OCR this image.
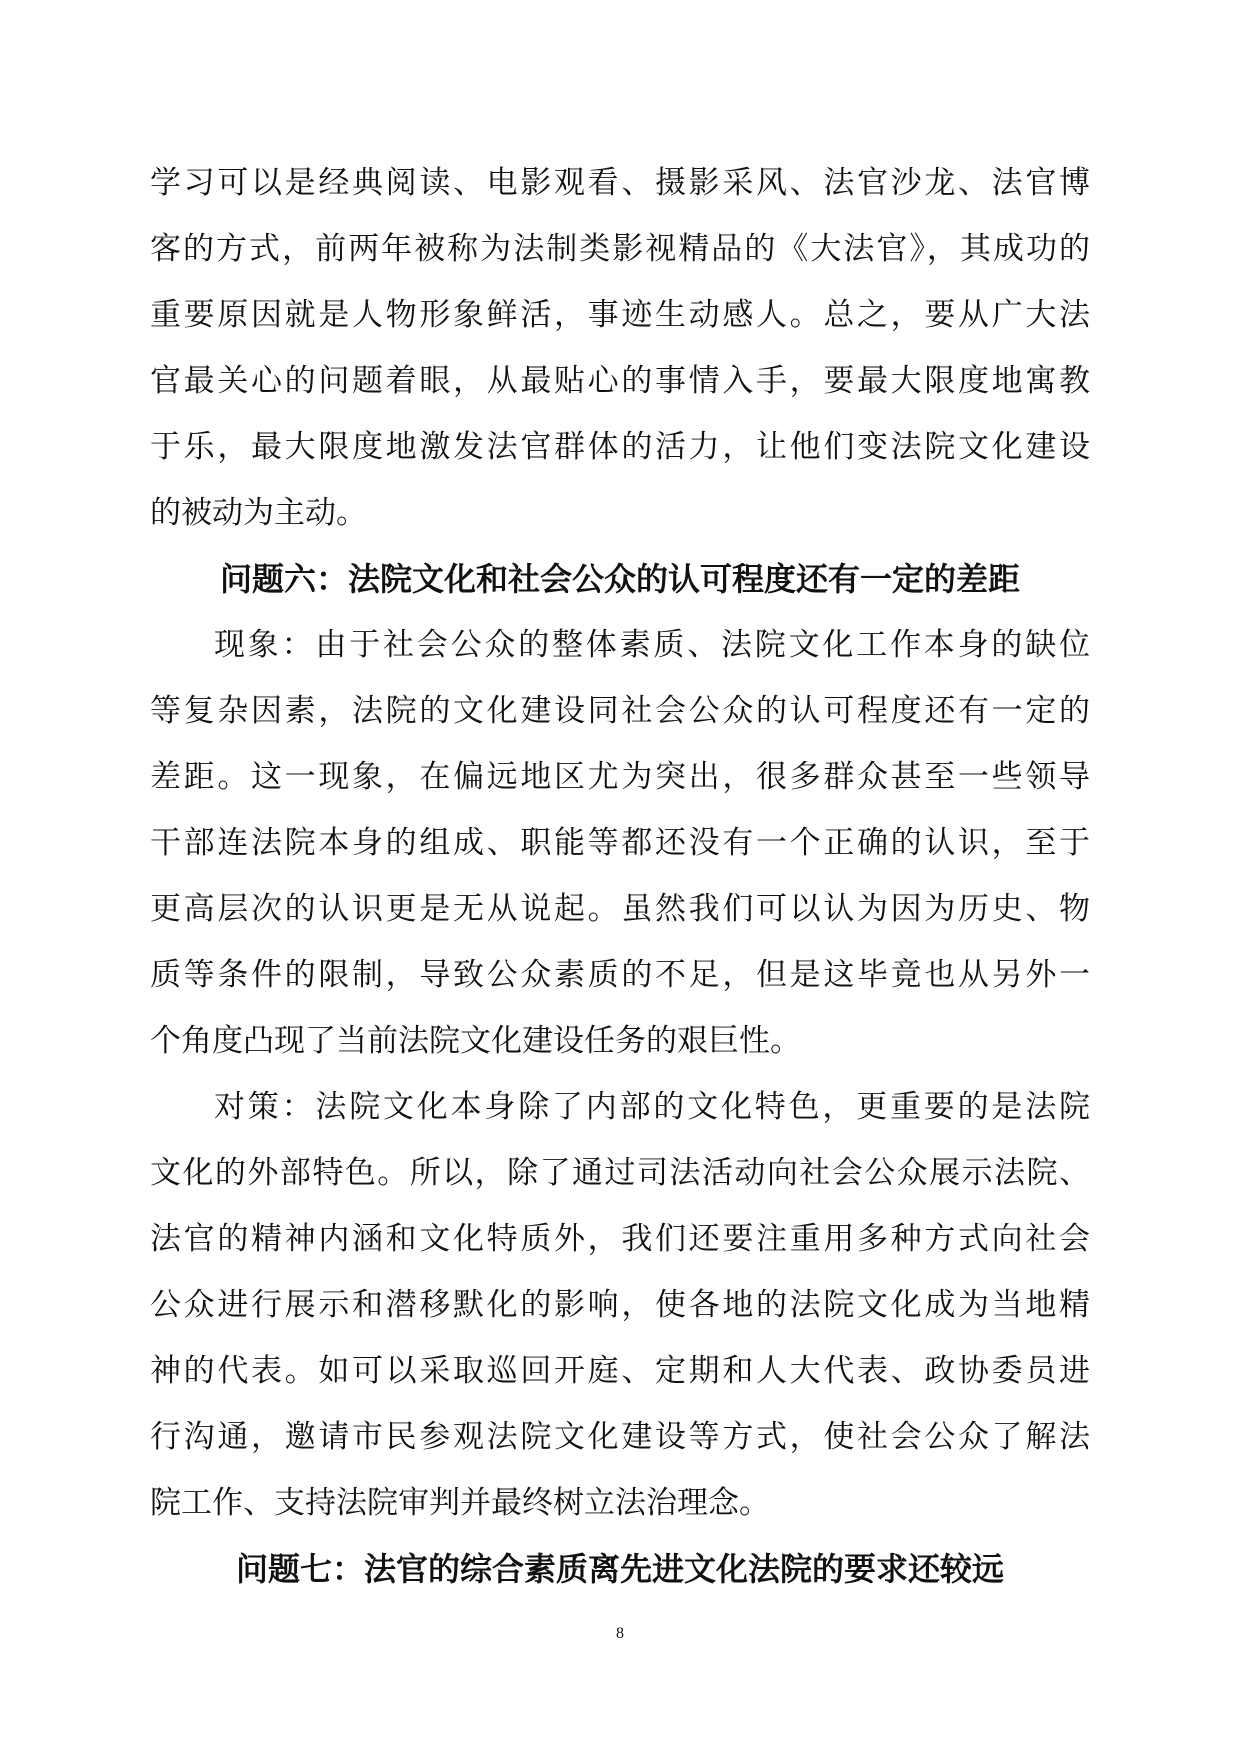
学习可以是经典阅读、电影观看、摄影采风、法官沙龙、法官博
客的方式，前两年被称为法制类影视精品的《大法官》，其成功的
重要原因就是人物形象鲜活，事迹生动感人。总之，要从广大法
官最关心的问题着眼，从最贴心的事情入手，要最大限度地寓教
于乐，最大限度地激发法官群体的活力，让他们变法院文化建设
的被动为主动。
问题六：法院文化和社会公众的认可程度还有一定的差距
现象：由于社会公众的整体素质、法院文化工作本身的缺位
等复杂因素，法院的文化建设同社会公众的认可程度还有一定的
差距。这一现象，在偏远地区尤为突出，很多群众甚至一些领导
干部连法院本身的组成、职能等都还没有一个正确的认识，至于
更高层次的认识更是无从说起。虽然我们可以认为因为历史、物
质等条件的限制，导致公众素质的不足，但是这毕竟也从另外一
个角度凸现了当前法院文化建设任务的艰巨性。
对策：法院文化本身除了内部的文化特色，更重要的是法院
文化的外部特色。所以，除了通过司法活动向社会公众展示法院、
法官的精神内涵和文化特质外，我们还要注重用多种方式向社会
公众进行展示和潜移默化的影响，使各地的法院文化成为当地精
神的代表。如可以采取巡回开庭、定期和人大代表、政协委员进
行沟通，邀请市民参观法院文化建设等方式，使社会公众了解法
院工作、支持法院审判并最终树立法治理念。
问题七：法官的综合素质离先进文化法院的要求还较远
8
